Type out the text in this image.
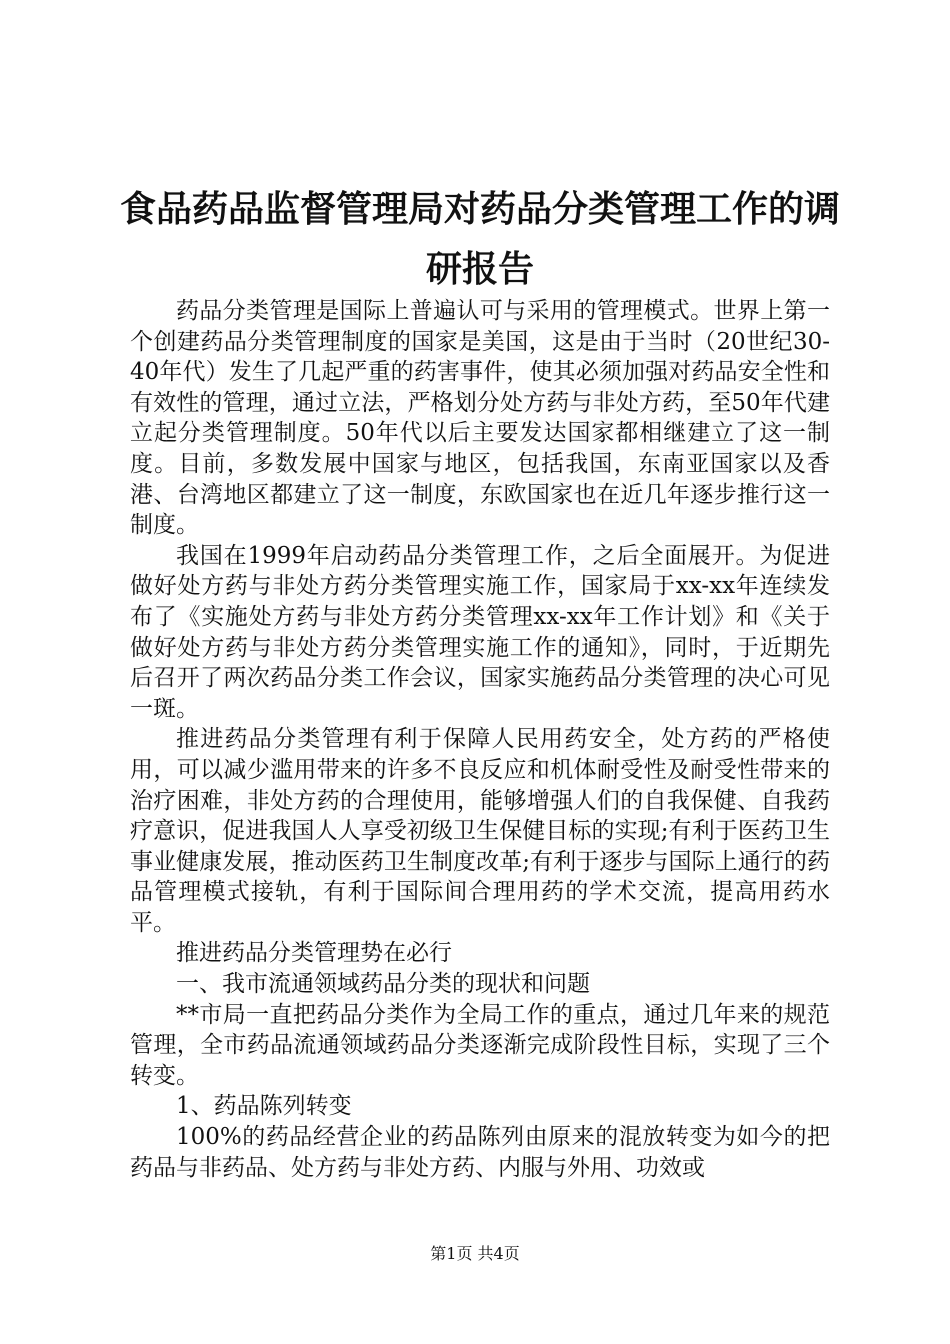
食品药品监督管理局对药品分类管理工作的调
研报告

药品分类管理是国际上普遍认可与采用的管理模式。世界上第一个创建药品分类管理制度的国家是美国，这是由于当时（20世纪30-40年代）发生了几起严重的药害事件，使其必须加强对药品安全性和有效性的管理，通过立法，严格划分处方药与非处方药，至50年代建立起分类管理制度。50年代以后主要发达国家都相继建立了这一制度。目前，多数发展中国家与地区，包括我国，东南亚国家以及香港、台湾地区都建立了这一制度，东欧国家也在近几年逐步推行这一制度。

我国在1999年启动药品分类管理工作，之后全面展开。为促进做好处方药与非处方药分类管理实施工作，国家局于xx-xx年连续发布了《实施处方药与非处方药分类管理xx-xx年工作计划》和《关于做好处方药与非处方药分类管理实施工作的通知》，同时，于近期先后召开了两次药品分类工作会议，国家实施药品分类管理的决心可见一斑。

推进药品分类管理有利于保障人民用药安全，处方药的严格使用，可以减少滥用带来的许多不良反应和机体耐受性及耐受性带来的治疗困难，非处方药的合理使用，能够增强人们的自我保健、自我药疗意识，促进我国人人享受初级卫生保健目标的实现;有利于医药卫生事业健康发展，推动医药卫生制度改革;有利于逐步与国际上通行的药品管理模式接轨，有利于国际间合理用药的学术交流，提高用药水平。

推进药品分类管理势在必行

一、我市流通领域药品分类的现状和问题

**市局一直把药品分类作为全局工作的重点，通过几年来的规范管理，全市药品流通领域药品分类逐渐完成阶段性目标，实现了三个转变。

1、药品陈列转变

100%的药品经营企业的药品陈列由原来的混放转变为如今的把药品与非药品、处方药与非处方药、内服与外用、功效或

第1页 共4页
